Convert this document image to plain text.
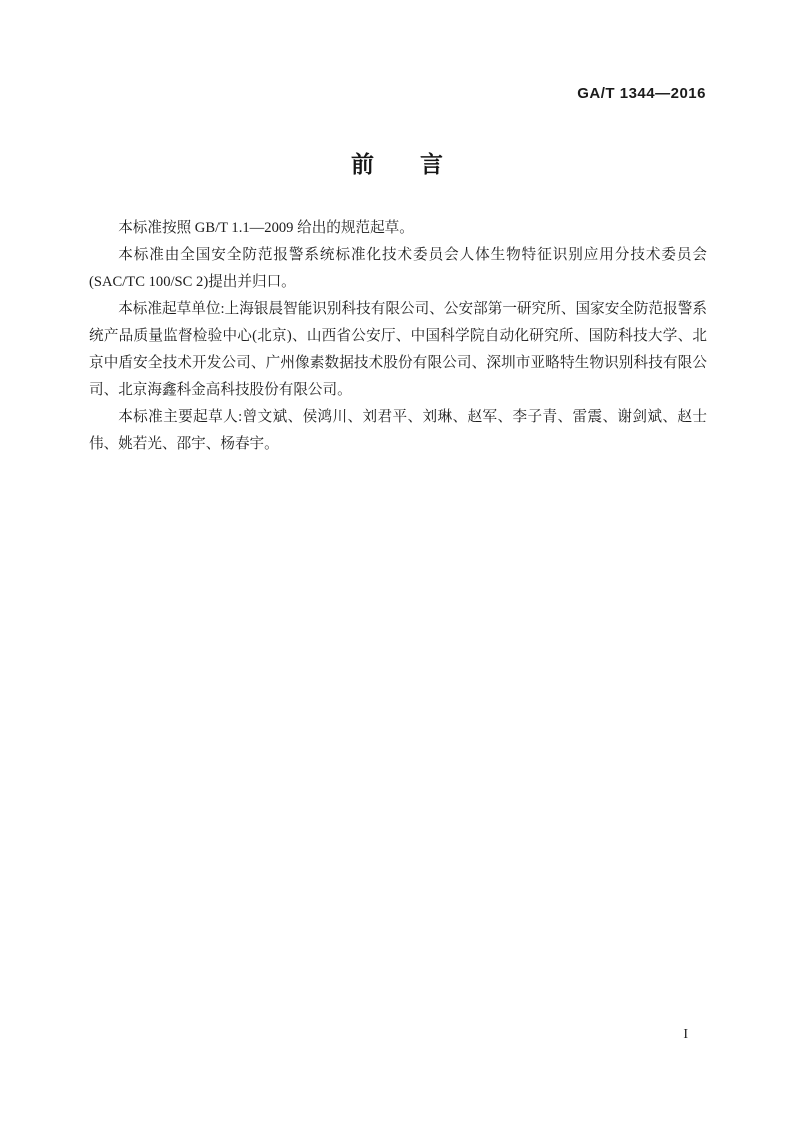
GA/T 1344—2016
前　　言

本标准按照 GB/T 1.1—2009 给出的规范起草。

本标准由全国安全防范报警系统标准化技术委员会人体生物特征识别应用分技术委员会(SAC/TC 100/SC 2)提出并归口。

本标准起草单位:上海银晨智能识别科技有限公司、公安部第一研究所、国家安全防范报警系统产品质量监督检验中心(北京)、山西省公安厅、中国科学院自动化研究所、国防科技大学、北京中盾安全技术开发公司、广州像素数据技术股份有限公司、深圳市亚略特生物识别科技有限公司、北京海鑫科金高科技股份有限公司。

本标准主要起草人:曾文斌、侯鸿川、刘君平、刘琳、赵军、李子青、雷震、谢剑斌、赵士伟、姚若光、邵宇、杨春宇。

I
